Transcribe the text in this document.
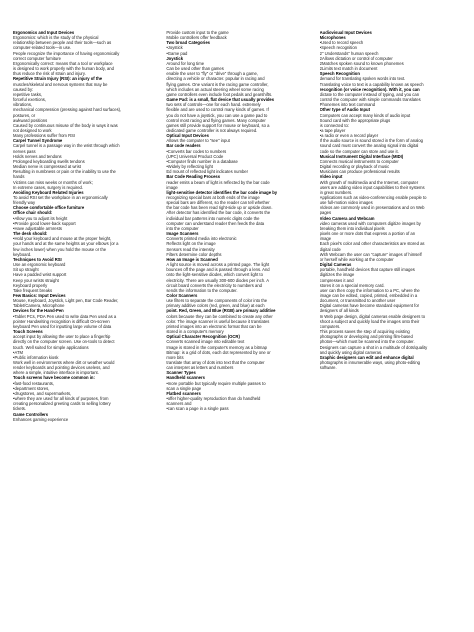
Ergonomics and Input Devices
Ergonomics: which is the study of the physical
relationship between people and their tools—such as
computer-related tools—in use.
People recognize the importance of having ergonomically
correct computer furniture
Ergonomically correct: means that a tool or workplace
is designed to work properly with the human body, and
thus reduce the risk of strain and injury.
Repetitive Strain Injury (RSI): an injury of the
muscles/skeletal and nervous systems that may be
caused by:
repetitive tasks,
forceful exertions,
vibrations,
mechanical compression (pressing against hard surfaces),
postures, or
awkward positions
Caused by continuous misuse of the body in ways it was
not designed to work
Many professions suffer from RSI
Carpel Tunnel Syndrome
Carpel tunnel is a passage way in the wrist through which
nerves pass
Holds nerves and tendons
Prolonged keyboarding swells tendons
Median nerve is compressed at wrist
Resulting in numbness or pain or the inability to use the
hands
Victims can miss weeks or months of work;
In extreme cases, surgery is required.
Avoiding Keyboard Related Injuries
To avoid RSI set the workplace in an ergonomically
friendly way
Choose comfortable office furniture
Office chair should:
•Allow you to adjust its height
•Provide good lower-back support
•Have adjustable armrests
The desk should:
•Hold your keyboard and mouse at the proper height,
your hands and at the same heights as your elbows (or a
few inches lower) when you hold the mouse or the
keyboard.
Techniques to Avoid RSI
Use an ergonomic keyboard
Sit up straight
Have a padded wrist support
Keep your wrists straight
Keyboard properly
Take frequent breaks
Few Basics: Input Devices
Mouse, Keyboard, Joystick, Light pen, Bar Code Reader,
Tablet/Camera, Microphone
Devices for the Hand-Pen
•Tablet PCs, PDA Pen used to write data Pen used as a
pointer Handwriting recognition is difficult On-screen
keyboard Pen used for inputting large volume of data
Touch Screens
accept input by allowing the user to place a finger/tip
directly on the computer screen. Use on-tools to detect
touch. Well suited for simple applications
•ATM
•Public information kiosk
Work well in environments where dirt or weather would
render keyboards and pointing devices useless, and
where a simple, intuitive interface is important.
Touch screens have become common in:
•fast-food restaurants,
•department stores,
•drugstores, and supermarkets,
•where they are used for all kinds of purposes, from
creating personalized greeting cards to selling lottery
tickets.
Game Controllers
Enhances gaming experience
Provide custom input to the game
Mobile controllers offer feedback
Two broad Categories
•Joystick
•Game pad
Joystick
Around for long time
Can be used other than games
enable the user to "fly" or "drive" through a game,
directing a vehicle or character. popular in racing and
flying games. One variant is the racing game controller,
which includes an actual steering wheel some racing
game controllers even include foot pedals and gearshifts.
Game Pad: is a small, flat device that usually provides
two sets of controls—one for each hand. extremely
flexible and are used to control many kinds of games. If
you do not have a joystick, you can use a game pad to
control most racing and flying games. Many computer
games still provide support for mouse or keyboard, so a
dedicated game controller is not always required.
Optical Input Devices
Allows the computer to "see" input
Bar code readers
•Converts bar codes to numbers
(UPC) Universal Product Code
•Computer finds number in a database
•Widely by reflecting light
Ed mount of reflected light indicates number
Bar Code Reading Process
reader emits a beam of light is reflected by the bar code
image
light-sensitive detector identifies the bar code image by
recognizing special bars at both ends of the image
special bars are different, so the reader can tell whether
the bar code has been read right-side up or upside down.
After detector has identified the bar code, it converts the
individual bar patterns into numeric digits code the
computer can understand reader then feeds the data
into the computer
Image Scanners
Converts printed media into electronic
Reflects light on the image
Sensors read the intensity
Filters determine color depths
How an Image is Scanned
A light source is moved across a printed page. The light
bounces off the page and is passed through a lens. And
onto the light-sensitive diodes, which convert light to
electricity. There are usually 300-600 diodes per inch. A
circuit board converts the electricity to numbers and
sends the information to the computer.
Color Scanners
use filters to separate the components of color into the
primary additive colors (red, green, and blue) at each
point. Red, Green, and Blue (RGB) are primary additive
colors because they can be combined to create any other
color. The image scanner is useful because it translates
printed images into an electronic format that can be
stored in a computer's memory
Optical Character Recognition (OCR)
Converts scanned image into editable text
Image is stored in the computer's memory as a bitmap
Bitmap: is a grid of dots, each dot represented by one or
more bits
translate that array of dots into text that the computer
can interpret as letters and numbers
Scanner Types
Handheld scanners
•more portable but typically require multiple passes to
scan a single page
Flatbed scanners
•offer higher-quality reproduction than do handheld
scanners and
•can scan a page in a single pass
Audiovisual Input Devices
Microphones
•Used to record speech
•Speech recognition
2" Understands" human speech
2Allows dictation or control of computer
2Matches spoken sound to known phonemes
2Limits text match in document
Speech Recognition
demand for translating spoken words into text.
Translating voice to text is a capability known as speech
recognition (or voice recognition). With it, you can
dictate to the computer instead of typing, and you can
control the computer with simple commands translates
Phonemes into text command
Other type of Audio Input
Computers can accept many kinds of audio input
Sound card with the appropriate plugs
is connected to:
•a tape player
•a radio or even a record player
If the audio source is sound stored in the form of analog
sound card must convert the analog signal into digital
code so the computer can store and use it.
Musical Instrument Digital Interface (MIDI)
Connects musical instruments to computer
Digital recording or playback of music
Musicians can produce professional results
Video input
With growth of multimedia and the Internet, computer
users are adding video input capabilities to their systems
in great numbers.
Applications such as video-conferencing enable people to
use full-motion video images
Videos are commonly used in presentations and on Web
pages
Video Camera and Webcam
video cameras used with computers digitize images by
breaking them into individual pixels
pixels one or more dots that express a portion of an
image
Each pixel's color and other characteristics are stored as
digital code
With Webcam the user can "capture" images of himself
or herself while working at the computer
Digital Cameras
portable, handheld devices that capture still images
digitizes the image
compresses it and
stores it on a special memory card.
user can then copy the information to a PC, where the
image can be edited, copied, printed, embedded in a
document, or transmitted to another user
Digital cameras have become standard equipment for
designers of all kinds
In Web page design, digital cameras enable designers to
shoot a subject and quickly load the images onto their
computers.
This process saves the step of acquiring existing
photographs or developing and printing film-based
photos—which must be scanned into the computer.
Designers can capture a shot in a multitude of dots/quality
and quickly using digital cameras.
Graphic designers can edit and enhance digital
photographs in innumerable ways, using photo-editing
software.
